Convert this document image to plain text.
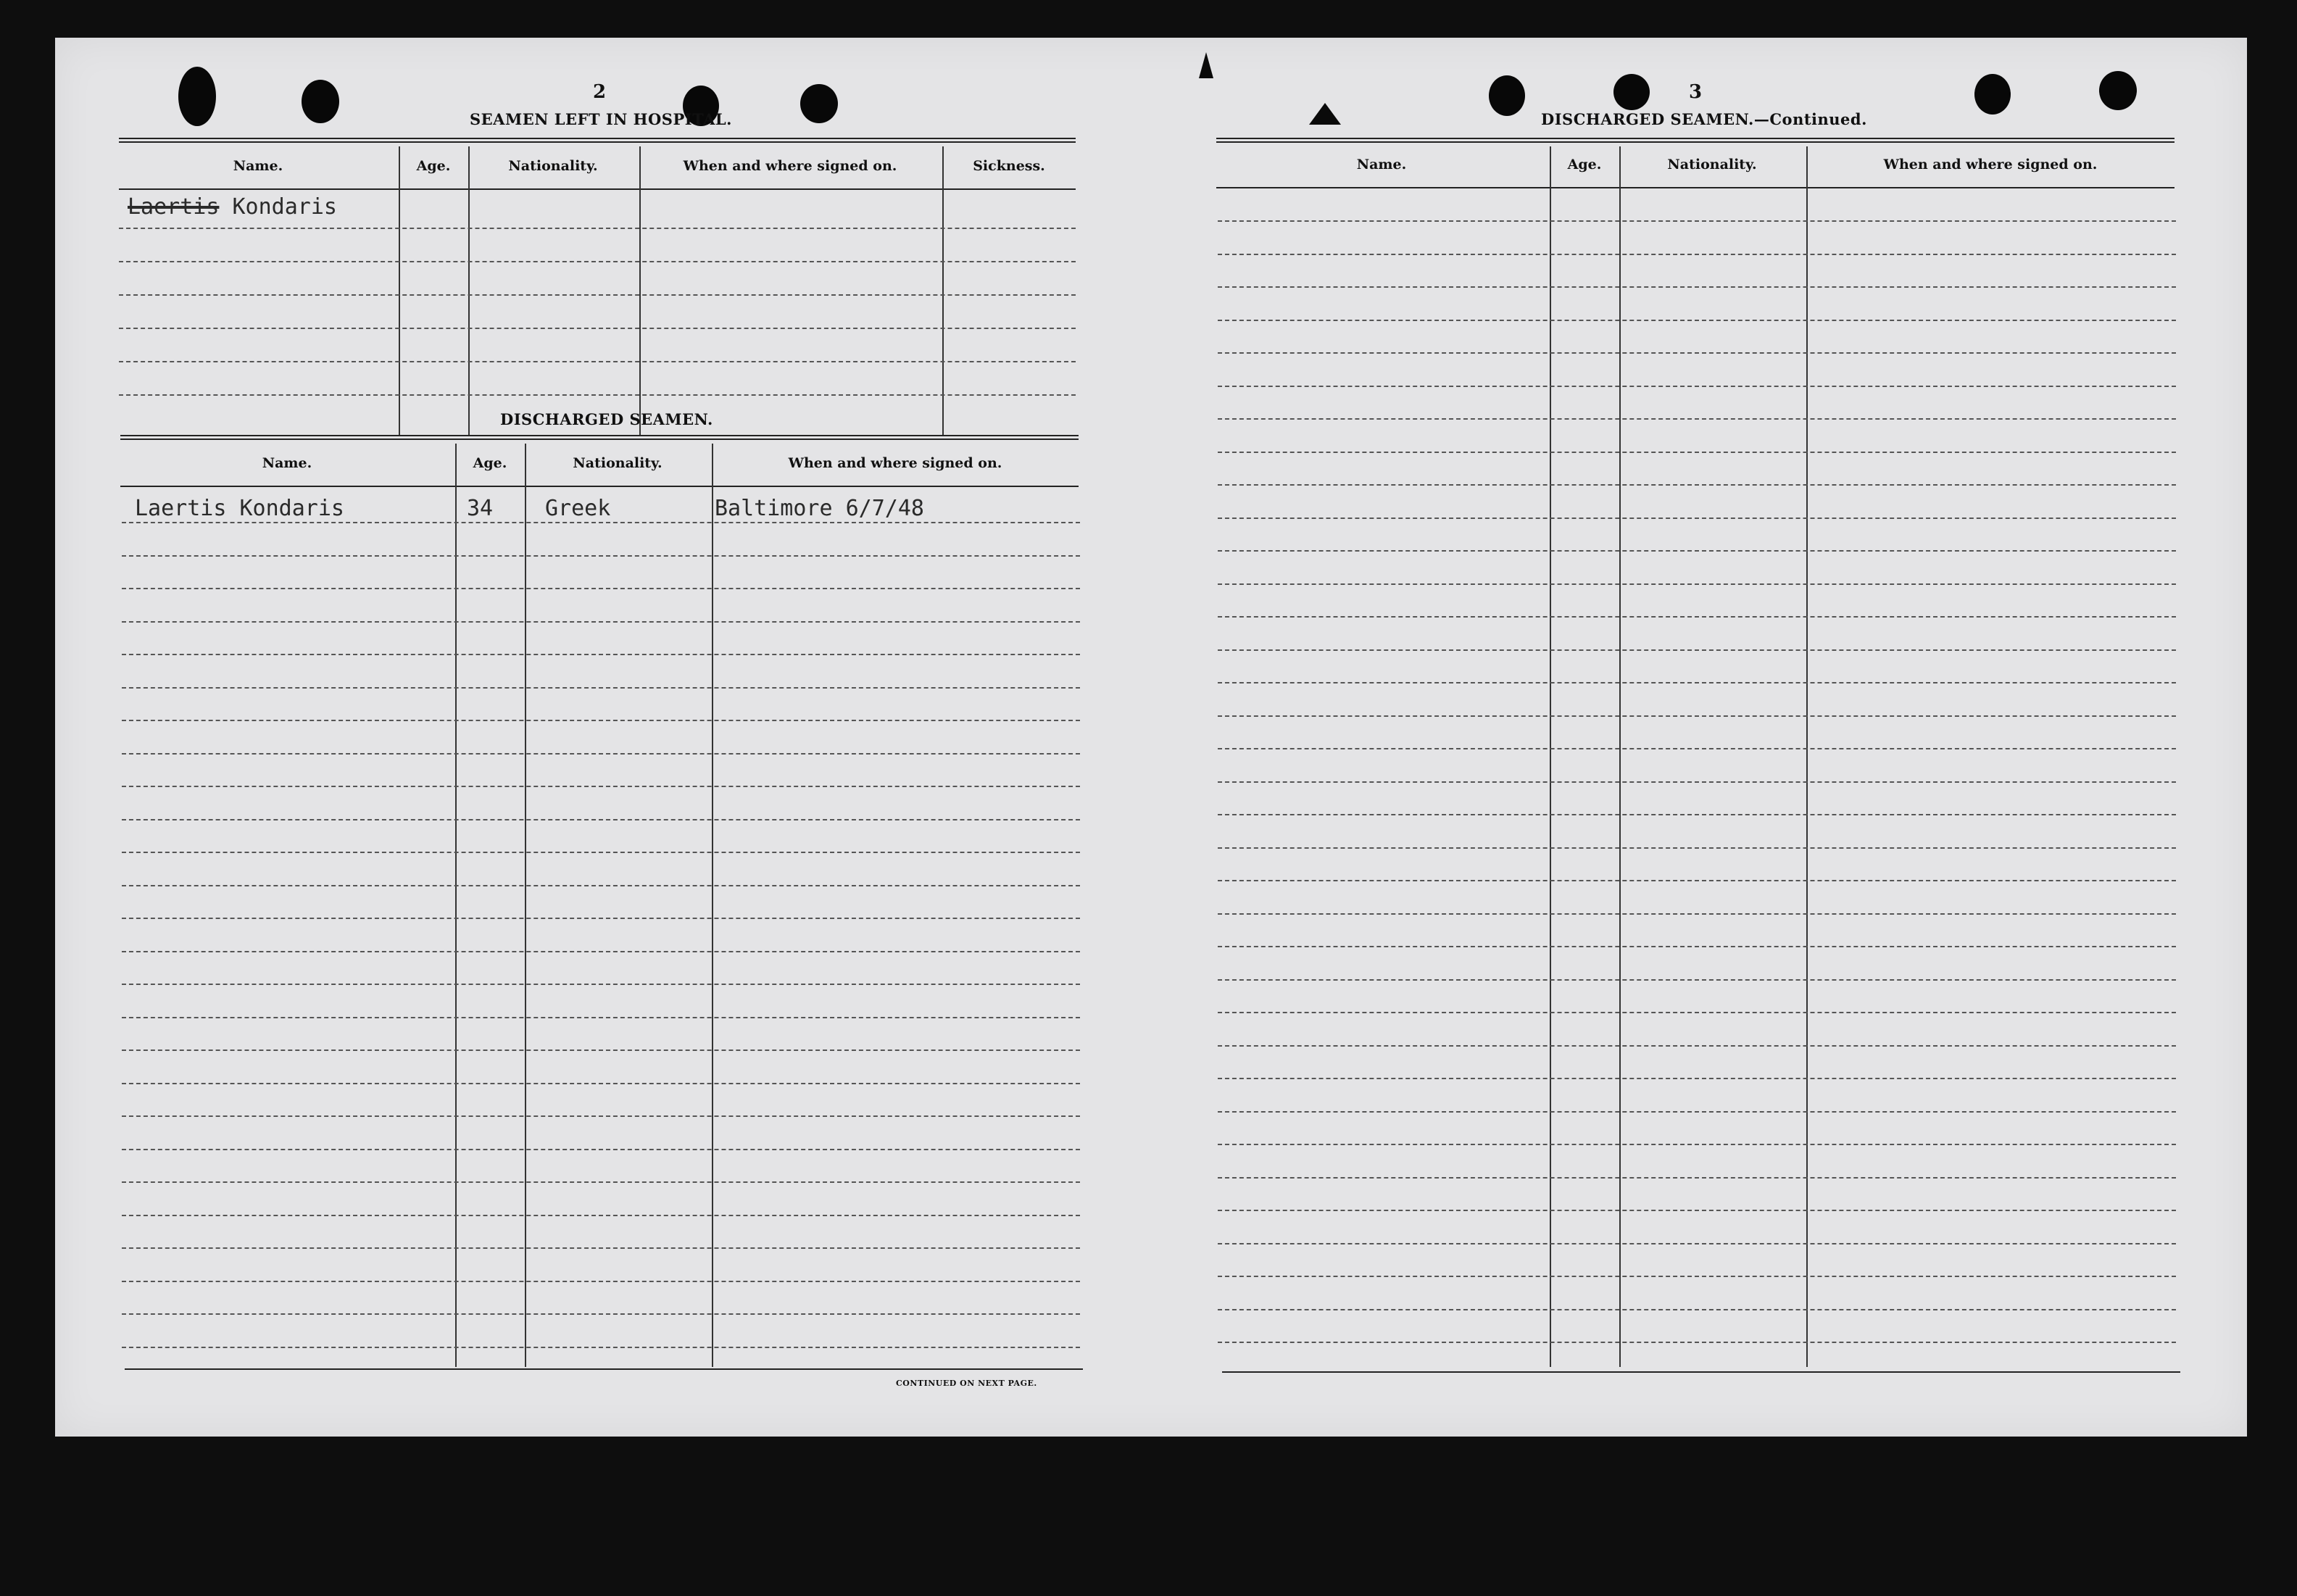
2
SEAMEN LEFT IN HOSPITAL.
Name.	Age.	Nationality.	When and where signed on.	Sickness.
Laertis Kondaris
DISCHARGED SEAMEN.
Name.	Age.	Nationality.	When and where signed on.
Laertis Kondaris	34 Greek	Baltimore 6/7/48
CONTINUED ON NEXT PAGE.
3
DISCHARGED SEAMEN.—Continued.
Name.	Age.	Nationality.	When and where signed on.
